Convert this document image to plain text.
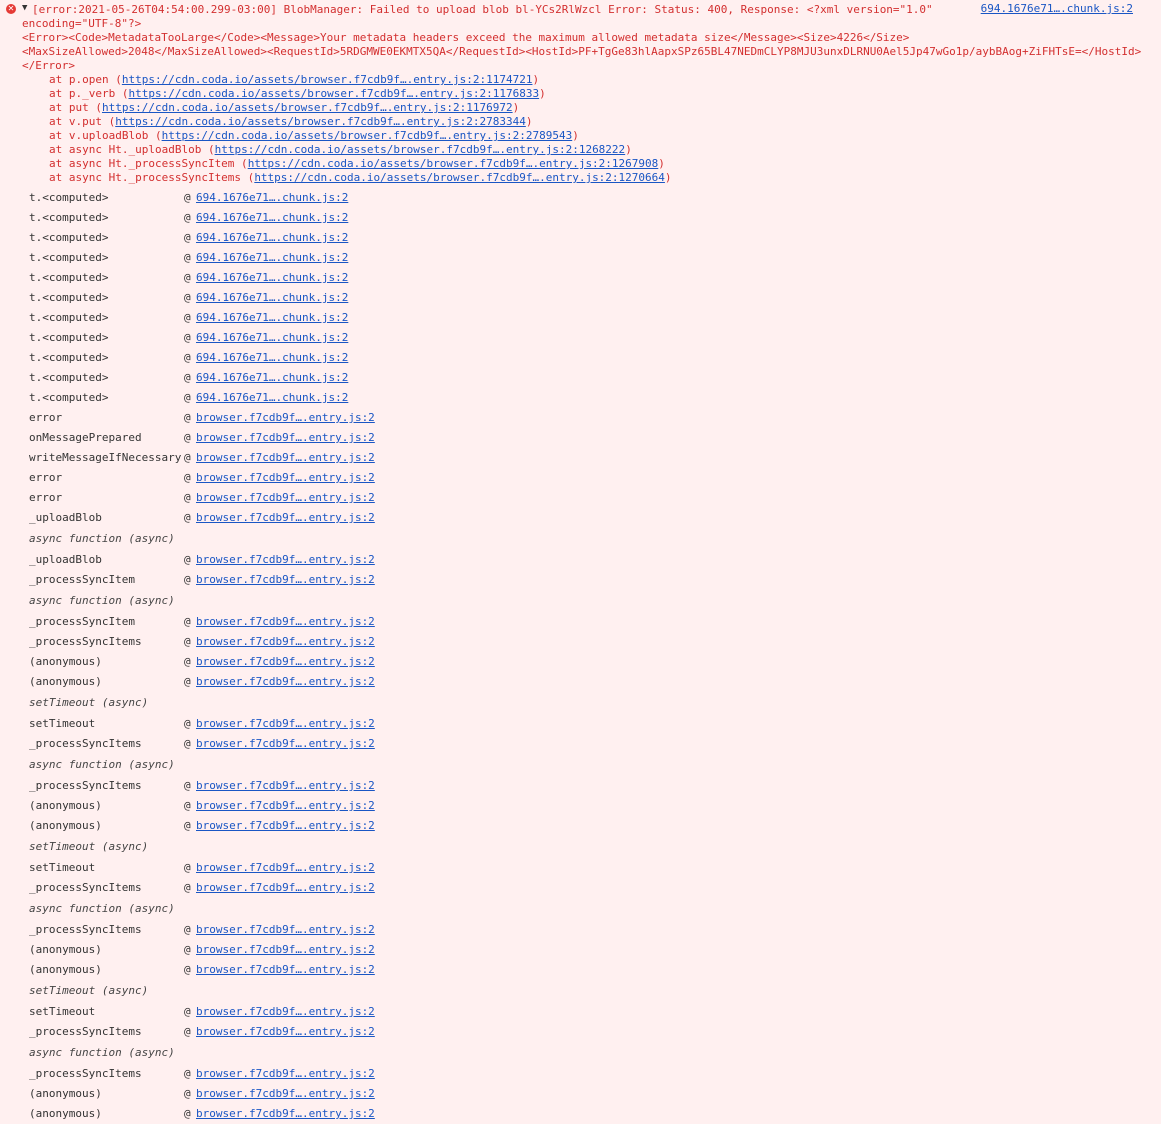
✕ ▼	694.1676e71….chunk.js:2
[error:2021-05-26T04:54:00.299-03:00] BlobManager: Failed to upload blob bl-YCs2RlWzcl Error: Status: 400, Response: <?xml version="1.0"
encoding="UTF-8"?>
<Error><Code>MetadataTooLarge</Code><Message>Your metadata headers exceed the maximum allowed metadata size</Message><Size>4226</Size>
<MaxSizeAllowed>2048</MaxSizeAllowed><RequestId>5RDGMWE0EKMTX5QA</RequestId><HostId>PF+TgGe83hlAapxSPz65BL47NEDmCLYP8MJU3unxDLRNU0Ael5Jp47wGo1p/aybBAog+ZiFHTsE=</HostId>
</Error>
at p.open (https://cdn.coda.io/assets/browser.f7cdb9f….entry.js:2:1174721)
at p._verb (https://cdn.coda.io/assets/browser.f7cdb9f….entry.js:2:1176833)
at put (https://cdn.coda.io/assets/browser.f7cdb9f….entry.js:2:1176972)
at v.put (https://cdn.coda.io/assets/browser.f7cdb9f….entry.js:2:2783344)
at v.uploadBlob (https://cdn.coda.io/assets/browser.f7cdb9f….entry.js:2:2789543)
at async Ht._uploadBlob (https://cdn.coda.io/assets/browser.f7cdb9f….entry.js:2:1268222)
at async Ht._processSyncItem (https://cdn.coda.io/assets/browser.f7cdb9f….entry.js:2:1267908)
at async Ht._processSyncItems (https://cdn.coda.io/assets/browser.f7cdb9f….entry.js:2:1270664)
t.<computed>	@ 694.1676e71….chunk.js:2
t.<computed>	@ 694.1676e71….chunk.js:2
t.<computed>	@ 694.1676e71….chunk.js:2
t.<computed>	@ 694.1676e71….chunk.js:2
t.<computed>	@ 694.1676e71….chunk.js:2
t.<computed>	@ 694.1676e71….chunk.js:2
t.<computed>	@ 694.1676e71….chunk.js:2
t.<computed>	@ 694.1676e71….chunk.js:2
t.<computed>	@ 694.1676e71….chunk.js:2
t.<computed>	@ 694.1676e71….chunk.js:2
t.<computed>	@ 694.1676e71….chunk.js:2
error	@ browser.f7cdb9f….entry.js:2
onMessagePrepared	@ browser.f7cdb9f….entry.js:2
writeMessageIfNecessary @ browser.f7cdb9f….entry.js:2
error	@ browser.f7cdb9f….entry.js:2
error	@ browser.f7cdb9f….entry.js:2
_uploadBlob	@ browser.f7cdb9f….entry.js:2
async function (async)
_uploadBlob	@ browser.f7cdb9f….entry.js:2
_processSyncItem	@ browser.f7cdb9f….entry.js:2
async function (async)
_processSyncItem	@ browser.f7cdb9f….entry.js:2
_processSyncItems	@ browser.f7cdb9f….entry.js:2
(anonymous)	@ browser.f7cdb9f….entry.js:2
(anonymous)	@ browser.f7cdb9f….entry.js:2
setTimeout (async)
setTimeout	@ browser.f7cdb9f….entry.js:2
_processSyncItems	@ browser.f7cdb9f….entry.js:2
async function (async)
_processSyncItems	@ browser.f7cdb9f….entry.js:2
(anonymous)	@ browser.f7cdb9f….entry.js:2
(anonymous)	@ browser.f7cdb9f….entry.js:2
setTimeout (async)
setTimeout	@ browser.f7cdb9f….entry.js:2
_processSyncItems	@ browser.f7cdb9f….entry.js:2
async function (async)
_processSyncItems	@ browser.f7cdb9f….entry.js:2
(anonymous)	@ browser.f7cdb9f….entry.js:2
(anonymous)	@ browser.f7cdb9f….entry.js:2
setTimeout (async)
setTimeout	@ browser.f7cdb9f….entry.js:2
_processSyncItems	@ browser.f7cdb9f….entry.js:2
async function (async)
_processSyncItems	@ browser.f7cdb9f….entry.js:2
(anonymous)	@ browser.f7cdb9f….entry.js:2
(anonymous)	@ browser.f7cdb9f….entry.js:2
